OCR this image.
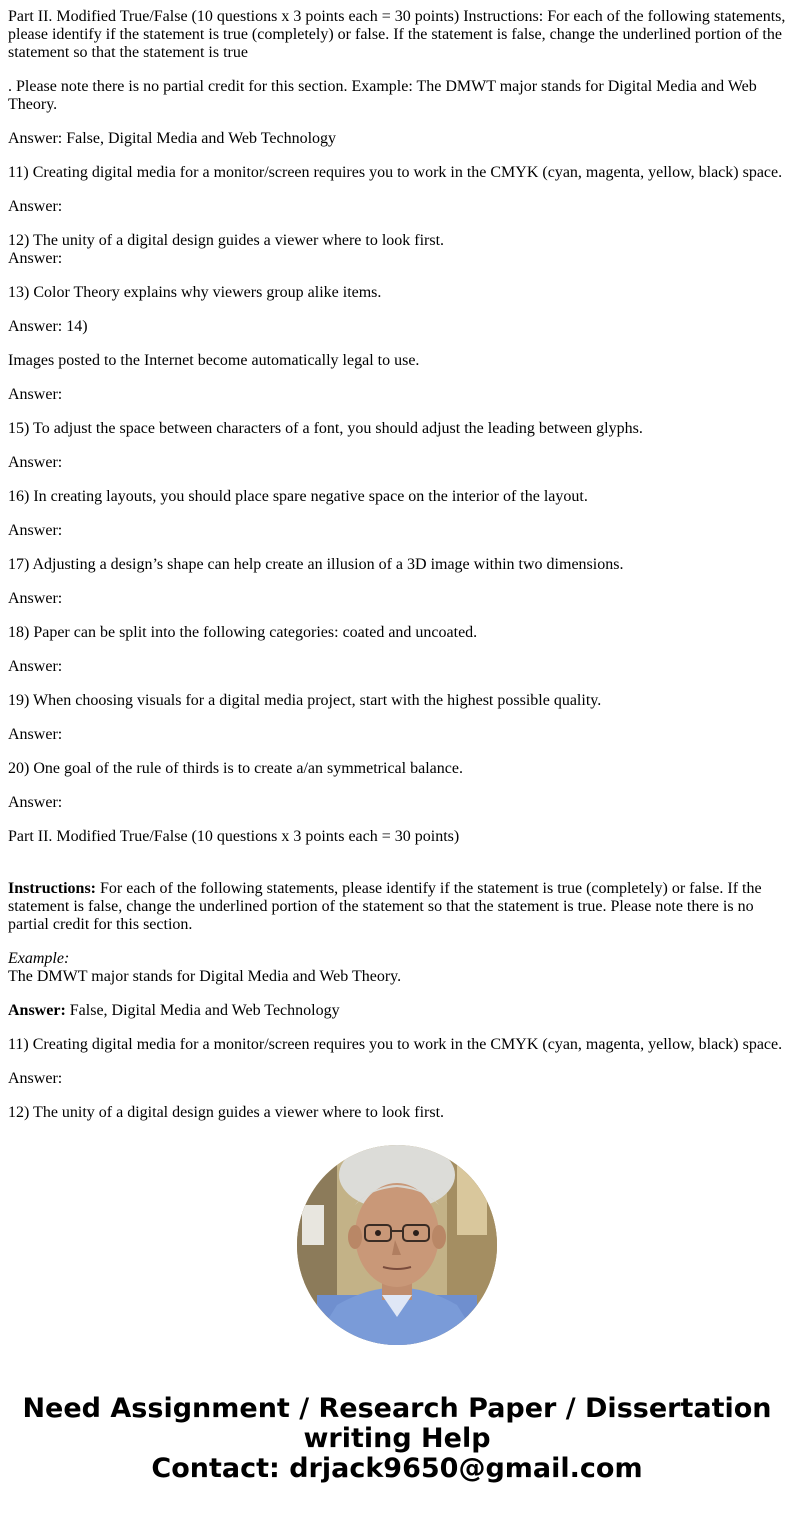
Part II. Modified True/False (10 questions x 3 points each = 30 points) Instructions: For each of the following statements, please identify if the statement is true (completely) or false. If the statement is false, change the underlined portion of the statement so that the statement is true

. Please note there is no partial credit for this section. Example: The DMWT major stands for Digital Media and Web Theory.

Answer: False, Digital Media and Web Technology

11) Creating digital media for a monitor/screen requires you to work in the CMYK (cyan, magenta, yellow, black) space.

Answer:

12) The unity of a digital design guides a viewer where to look first.

Answer:

13) Color Theory explains why viewers group alike items.

Answer: 14)

Images posted to the Internet become automatically legal to use.

Answer:

15) To adjust the space between characters of a font, you should adjust the leading between glyphs.

Answer:

16) In creating layouts, you should place spare negative space on the interior of the layout.

Answer:

17) Adjusting a design’s shape can help create an illusion of a 3D image within two dimensions.

Answer:

18) Paper can be split into the following categories: coated and uncoated.

Answer:

19) When choosing visuals for a digital media project, start with the highest possible quality.

Answer:

20) One goal of the rule of thirds is to create a/an symmetrical balance.

Answer:

Part II. Modified True/False (10 questions x 3 points each = 30 points)

Instructions: For each of the following statements, please identify if the statement is true (completely) or false. If the statement is false, change the underlined portion of the statement so that the statement is true. Please note there is no partial credit for this section.

Example:
The DMWT major stands for Digital Media and Web Theory.

Answer: False, Digital Media and Web Technology

11) Creating digital media for a monitor/screen requires you to work in the CMYK (cyan, magenta, yellow, black) space.

Answer:

12) The unity of a digital design guides a viewer where to look first.

Need Assignment / Research Paper / Dissertation writing Help
Contact: drjack9650@gmail.com
